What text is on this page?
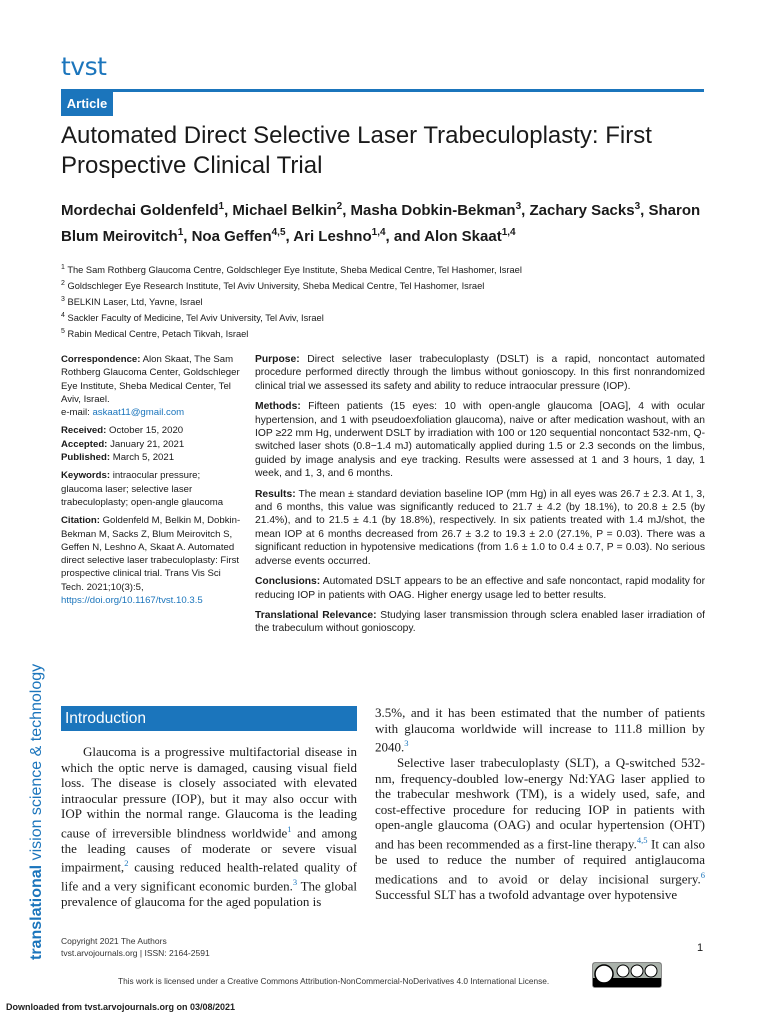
tvst
Article
Automated Direct Selective Laser Trabeculoplasty: First Prospective Clinical Trial
Mordechai Goldenfeld$^1$, Michael Belkin$^2$, Masha Dobkin-Bekman$^3$, Zachary Sacks$^3$, Sharon Blum Meirovitch$^1$, Noa Geffen$^{4,5}$, Ari Leshno$^{1,4}$, and Alon Skaat$^{1,4}$
$^1$ The Sam Rothberg Glaucoma Centre, Goldschleger Eye Institute, Sheba Medical Centre, Tel Hashomer, Israel
$^2$ Goldschleger Eye Research Institute, Tel Aviv University, Sheba Medical Centre, Tel Hashomer, Israel
$^3$ BELKIN Laser, Ltd, Yavne, Israel
$^4$ Sackler Faculty of Medicine, Tel Aviv University, Tel Aviv, Israel
$^5$ Rabin Medical Centre, Petach Tikvah, Israel

Correspondence: Alon Skaat, The Sam Rothberg Glaucoma Center, Goldschleger Eye Institute, Sheba Medical Center, Tel Aviv, Israel.
e-mail: askaat11@gmail.com

Received: October 15, 2020
Accepted: January 21, 2021
Published: March 5, 2021

Keywords: intraocular pressure; glaucoma laser; selective laser trabeculoplasty; open-angle glaucoma

Citation: Goldenfeld M, Belkin M, Dobkin-Bekman M, Sacks Z, Blum Meirovitch S, Geffen N, Leshno A, Skaat A. Automated direct selective laser trabeculoplasty: First prospective clinical trial. Trans Vis Sci Tech. 2021;10(3):5,
https://doi.org/10.1167/tvst.10.3.5

Purpose: Direct selective laser trabeculoplasty (DSLT) is a rapid, noncontact automated procedure performed directly through the limbus without gonioscopy. In this first nonrandomized clinical trial we assessed its safety and ability to reduce intraocular pressure (IOP).

Methods: Fifteen patients (15 eyes: 10 with open-angle glaucoma [OAG], 4 with ocular hypertension, and 1 with pseudoexfoliation glaucoma), naive or after medication washout, with an IOP ≥22 mm Hg, underwent DSLT by irradiation with 100 or 120 sequential noncontact 532-nm, Q-switched laser shots (0.8−1.4 mJ) automatically applied during 1.5 or 2.3 seconds on the limbus, guided by image analysis and eye tracking. Results were assessed at 1 and 3 hours, 1 day, 1 week, and 1, 3, and 6 months.

Results: The mean ± standard deviation baseline IOP (mm Hg) in all eyes was 26.7 ± 2.3. At 1, 3, and 6 months, this value was significantly reduced to 21.7 ± 4.2 (by 18.1%), to 20.8 ± 2.5 (by 21.4%), and to 21.5 ± 4.1 (by 18.8%), respectively. In six patients treated with 1.4 mJ/shot, the mean IOP at 6 months decreased from 26.7 ± 3.2 to 19.3 ± 2.0 (27.1%, P = 0.03). There was a significant reduction in hypotensive medications (from 1.6 ± 1.0 to 0.4 ± 0.7, P = 0.03). No serious adverse events occurred.

Conclusions: Automated DSLT appears to be an effective and safe noncontact, rapid modality for reducing IOP in patients with OAG. Higher energy usage led to better results.

Translational Relevance: Studying laser transmission through sclera enabled laser irradiation of the trabeculum without gonioscopy.

Introduction

Glaucoma is a progressive multifactorial disease in which the optic nerve is damaged, causing visual field loss. The disease is closely associated with elevated intraocular pressure (IOP), but it may also occur with IOP within the normal range. Glaucoma is the leading cause of irreversible blindness worldwide$^1$ and among the leading causes of moderate or severe visual impairment,$^2$ causing reduced health-related quality of life and a very significant economic burden.$^3$ The global prevalence of glaucoma for the aged population is

3.5%, and it has been estimated that the number of patients with glaucoma worldwide will increase to 111.8 million by 2040.$^3$

Selective laser trabeculoplasty (SLT), a Q-switched 532-nm, frequency-doubled low-energy Nd:YAG laser applied to the trabecular meshwork (TM), is a widely used, safe, and cost-effective procedure for reducing IOP in patients with open-angle glaucoma (OAG) and ocular hypertension (OHT) and has been recommended as a first-line therapy.$^{4,5}$ It can also be used to reduce the number of required antiglaucoma medications and to avoid or delay incisional surgery.$^6$ Successful SLT has a twofold advantage over hypotensive

translational vision science & technology
Copyright 2021 The Authors
tvst.arvojournals.org | ISSN: 2164-2591	1
This work is licensed under a Creative Commons Attribution-NonCommercial-NoDerivatives 4.0 International License.
Downloaded from tvst.arvojournals.org on 03/08/2021
